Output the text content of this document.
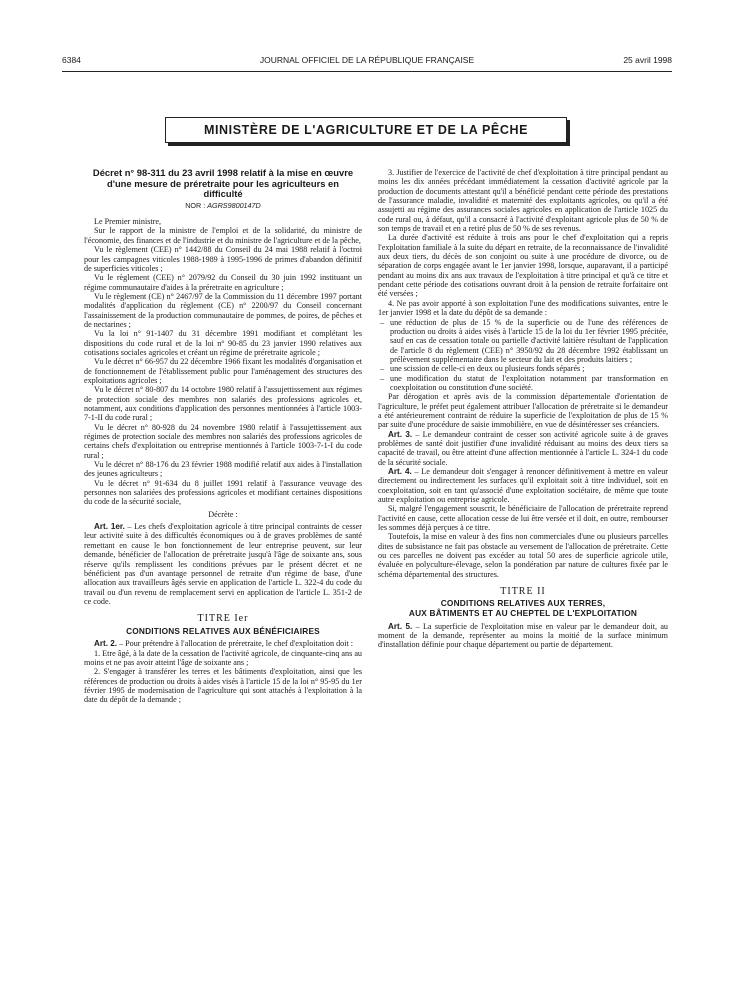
6384	JOURNAL OFFICIEL DE LA RÉPUBLIQUE FRANÇAISE	25 avril 1998
MINISTÈRE DE L'AGRICULTURE ET DE LA PÊCHE
Décret n° 98-311 du 23 avril 1998 relatif à la mise en œuvre d'une mesure de préretraite pour les agriculteurs en difficulté
NOR : AGRS9800147D

Le Premier ministre,

Sur le rapport de la ministre de l'emploi et de la solidarité, du ministre de l'économie, des finances et de l'industrie et du ministre de l'agriculture et de la pêche,

Vu le règlement (CEE) n° 1442/88 du Conseil du 24 mai 1988 relatif à l'octroi pour les campagnes viticoles 1988-1989 à 1995-1996 de primes d'abandon définitif de superficies viticoles ;

Vu le règlement (CEE) n° 2079/92 du Conseil du 30 juin 1992 instituant un régime communautaire d'aides à la préretraite en agriculture ;

Vu le règlement (CE) n° 2467/97 de la Commission du 11 décembre 1997 portant modalités d'application du règlement (CE) n° 2200/97 du Conseil concernant l'assainissement de la production communautaire de pommes, de poires, de pêches et de nectarines ;

Vu la loi n° 91-1407 du 31 décembre 1991 modifiant et complétant les dispositions du code rural et de la loi n° 90-85 du 23 janvier 1990 relatives aux cotisations sociales agricoles et créant un régime de préretraite agricole ;

Vu le décret n° 66-957 du 22 décembre 1966 fixant les modalités d'organisation et de fonctionnement de l'établissement public pour l'aménagement des structures des exploitations agricoles ;

Vu le décret n° 80-807 du 14 octobre 1980 relatif à l'assujettissement aux régimes de protection sociale des membres non salariés des professions agricoles et, notamment, aux conditions d'application des personnes mentionnées à l'article 1003-7-1-II du code rural ;

Vu le décret n° 80-928 du 24 novembre 1980 relatif à l'assujettissement aux régimes de protection sociale des membres non salariés des professions agricoles de certains chefs d'exploitation ou entreprise mentionnés à l'article 1003-7-1-I du code rural ;

Vu le décret n° 88-176 du 23 février 1988 modifié relatif aux aides à l'installation des jeunes agriculteurs ;

Vu le décret n° 91-634 du 8 juillet 1991 relatif à l'assurance veuvage des personnes non salariées des professions agricoles et modifiant certaines dispositions du code de la sécurité sociale,

Décrète :

Art. 1er. – Les chefs d'exploitation agricole à titre principal contraints de cesser leur activité suite à des difficultés économiques ou à de graves problèmes de santé remettant en cause le bon fonctionnement de leur entreprise peuvent, sur leur demande, bénéficier de l'allocation de préretraite jusqu'à l'âge de soixante ans, sous réserve qu'ils remplissent les conditions prévues par le présent décret et ne bénéficient pas d'un avantage personnel de retraite d'un régime de base, d'une allocation aux travailleurs âgés servie en application de l'article L. 322-4 du code du travail ou d'un revenu de remplacement servi en application de l'article L. 351-2 de ce code.

TITRE Ier
CONDITIONS RELATIVES AUX BÉNÉFICIAIRES

Art. 2. – Pour prétendre à l'allocation de préretraite, le chef d'exploitation doit :

1. Etre âgé, à la date de la cessation de l'activité agricole, de cinquante-cinq ans au moins et ne pas avoir atteint l'âge de soixante ans ;

2. S'engager à transférer les terres et les bâtiments d'exploitation, ainsi que les références de production ou droits à aides visés à l'article 15 de la loi n° 95-95 du 1er février 1995 de modernisation de l'agriculture qui sont attachés à l'exploitation à la date du dépôt de la demande ;

3. Justifier de l'exercice de l'activité de chef d'exploitation à titre principal pendant au moins les dix années précédant immédiatement la cessation d'activité agricole par la production de documents attestant qu'il a bénéficié pendant cette période des prestations de l'assurance maladie, invalidité et maternité des exploitants agricoles, ou qu'il a été assujetti au régime des assurances sociales agricoles en application de l'article 1025 du code rural ou, à défaut, qu'il a consacré à l'activité d'exploitant agricole plus de 50 % de son temps de travail et en a retiré plus de 50 % de ses revenus.

La durée d'activité est réduite à trois ans pour le chef d'exploitation qui a repris l'exploitation familiale à la suite du départ en retraite, de la reconnaissance de l'invalidité aux deux tiers, du décès de son conjoint ou suite à une procédure de divorce, ou de séparation de corps engagée avant le 1er janvier 1998, lorsque, auparavant, il a participé pendant au moins dix ans aux travaux de l'exploitation à titre principal et qu'à ce titre et pendant cette période des cotisations ouvrant droit à la pension de retraite forfaitaire ont été versées ;

4. Ne pas avoir apporté à son exploitation l'une des modifications suivantes, entre le 1er janvier 1998 et la date du dépôt de sa demande :

– une réduction de plus de 15 % de la superficie ou de l'une des références de production ou droits à aides visés à l'article 15 de la loi du 1er février 1995 précitée, sauf en cas de cessation totale ou partielle d'activité laitière résultant de l'application de l'article 8 du règlement (CEE) n° 3950/92 du 28 décembre 1992 établissant un prélèvement supplémentaire dans le secteur du lait et des produits laitiers ;
– une scission de celle-ci en deux ou plusieurs fonds séparés ;
– une modification du statut de l'exploitation notamment par transformation en coexploitation ou constitution d'une société.

Par dérogation et après avis de la commission départementale d'orientation de l'agriculture, le préfet peut également attribuer l'allocation de préretraite si le demandeur a été antérieurement contraint de réduire la superficie de l'exploitation de plus de 15 % par suite d'une procédure de saisie immobilière, en vue de désintéresser ses créanciers.

Art. 3. – Le demandeur contraint de cesser son activité agricole suite à de graves problèmes de santé doit justifier d'une invalidité réduisant au moins des deux tiers sa capacité de travail, ou être atteint d'une affection mentionnée à l'article L. 324-1 du code de la sécurité sociale.

Art. 4. – Le demandeur doit s'engager à renoncer définitivement à mettre en valeur directement ou indirectement les surfaces qu'il exploitait soit à titre individuel, soit en coexploitation, soit en tant qu'associé d'une exploitation sociétaire, de même que toute autre exploitation ou entreprise agricole.

Si, malgré l'engagement souscrit, le bénéficiaire de l'allocation de préretraite reprend l'activité en cause, cette allocation cesse de lui être versée et il doit, en outre, rembourser les sommes déjà perçues à ce titre.

Toutefois, la mise en valeur à des fins non commerciales d'une ou plusieurs parcelles dites de subsistance ne fait pas obstacle au versement de l'allocation de préretraite. Cette ou ces parcelles ne doivent pas excéder au total 50 ares de superficie agricole utile, évaluée en polyculture-élevage, selon la pondération par nature de cultures fixée par le schéma départemental des structures.

TITRE II
CONDITIONS RELATIVES AUX TERRES,
AUX BÂTIMENTS ET AU CHEPTEL DE L'EXPLOITATION

Art. 5. – La superficie de l'exploitation mise en valeur par le demandeur doit, au moment de la demande, représenter au moins la moitié de la surface minimum d'installation définie pour chaque département ou partie de département.
